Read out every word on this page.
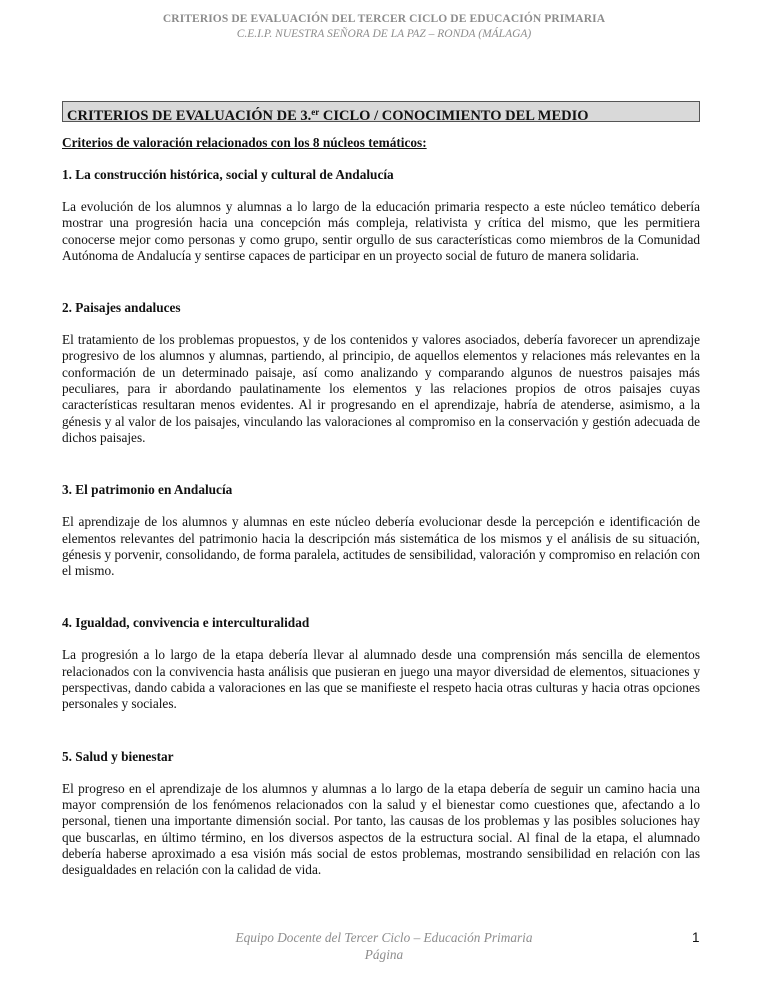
CRITERIOS DE EVALUACIÓN DEL TERCER CICLO DE EDUCACIÓN PRIMARIA
C.E.I.P. NUESTRA SEÑORA DE LA PAZ – RONDA (MÁLAGA)
CRITERIOS DE EVALUACIÓN DE 3.$^{er}$ CICLO / CONOCIMIENTO DEL MEDIO
Criterios de valoración relacionados con los 8 núcleos temáticos:
1. La construcción histórica, social y cultural de Andalucía
La evolución de los alumnos y alumnas a lo largo de la educación primaria respecto a este núcleo temático debería mostrar una progresión hacia una concepción más compleja, relativista y crítica del mismo, que les permitiera conocerse mejor como personas y como grupo, sentir orgullo de sus características como miembros de la Comunidad Autónoma de Andalucía y sentirse capaces de participar en un proyecto social de futuro de manera solidaria.
2. Paisajes andaluces
El tratamiento de los problemas propuestos, y de los contenidos y valores asociados, debería favorecer un aprendizaje progresivo de los alumnos y alumnas, partiendo, al principio, de aquellos elementos y relaciones más relevantes en la conformación de un determinado paisaje, así como analizando y comparando algunos de nuestros paisajes más peculiares, para ir abordando paulatinamente los elementos y las relaciones propios de otros paisajes cuyas características resultaran menos evidentes. Al ir progresando en el aprendizaje, habría de atenderse, asimismo, a la génesis y al valor de los paisajes, vinculando las valoraciones al compromiso en la conservación y gestión adecuada de dichos paisajes.
3. El patrimonio en Andalucía
El aprendizaje de los alumnos y alumnas en este núcleo debería evolucionar desde la percepción e identificación de elementos relevantes del patrimonio hacia la descripción más sistemática de los mismos y el análisis de su situación, génesis y porvenir, consolidando, de forma paralela, actitudes de sensibilidad, valoración y compromiso en relación con el mismo.
4. Igualdad, convivencia e interculturalidad
La progresión a lo largo de la etapa debería llevar al alumnado desde una comprensión más sencilla de elementos relacionados con la convivencia hasta análisis que pusieran en juego una mayor diversidad de elementos, situaciones y perspectivas, dando cabida a valoraciones en las que se manifieste el respeto hacia otras culturas y hacia otras opciones personales y sociales.
5. Salud y bienestar
El progreso en el aprendizaje de los alumnos y alumnas a lo largo de la etapa debería de seguir un camino hacia una mayor comprensión de los fenómenos relacionados con la salud y el bienestar como cuestiones que, afectando a lo personal, tienen una importante dimensión social. Por tanto, las causas de los problemas y las posibles soluciones hay que buscarlas, en último término, en los diversos aspectos de la estructura social. Al final de la etapa, el alumnado debería haberse aproximado a esa visión más social de estos problemas, mostrando sensibilidad en relación con las desigualdades en relación con la calidad de vida.
Equipo Docente del Tercer Ciclo – Educación Primaria
Página
1
